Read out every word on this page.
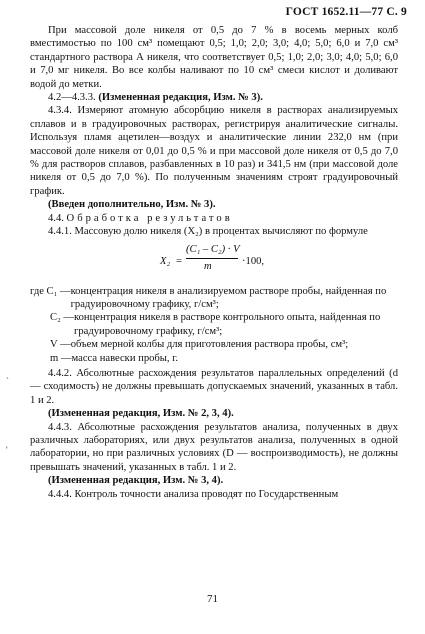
ГОСТ 1652.11—77 С. 9

При массовой доле никеля от 0,5 до 7 % в восемь мерных колб вместимостью по 100 см³ помещают 0,5; 1,0; 2,0; 3,0; 4,0; 5,0; 6,0 и 7,0 см³ стандартного раствора А никеля, что соответствует 0,5; 1,0; 2,0; 3,0; 4,0; 5,0; 6,0 и 7,0 мг никеля. Во все колбы наливают по 10 см³ смеси кислот и доливают водой до метки.

4.2—4.3.3. (Измененная редакция, Изм. № 3).

4.3.4. Измеряют атомную абсорбцию никеля в растворах анализируемых сплавов и в градуировочных растворах, регистрируя аналитические сигналы. Используя пламя ацетилен—воздух и аналитические линии 232,0 нм (при массовой доле никеля от 0,01 до 0,5 % и при массовой доле никеля от 0,5 до 7,0 % для растворов сплавов, разбавленных в 10 раз) и 341,5 нм (при массовой доле никеля от 0,5 до 7,0 %). По полученным значениям строят градуировочный график.

(Введен дополнительно, Изм. № 3).

4.4. Обработка результатов

4.4.1. Массовую долю никеля (X₂) в процентах вычисляют по формуле

X₂ =
(C₁ – C₂) · V
m	·100,
где C₁ — концентрация никеля в анализируемом растворе пробы, найденная по градуировочному графику, г/см³;
C₂ — концентрация никеля в растворе контрольного опыта, найденная по градуировочному графику, г/см³;
V — объем мерной колбы для приготовления раствора пробы, см³;
m — масса навески пробы, г.

4.4.2. Абсолютные расхождения результатов параллельных определений (d — сходимость) не должны превышать допускаемых значений, указанных в табл. 1 и 2.

(Измененная редакция, Изм. № 2, 3, 4).

4.4.3. Абсолютные расхождения результатов анализа, полученных в двух различных лабораториях, или двух результатов анализа, полученных в одной лаборатории, но при различных условиях (D — воспроизводимость), не должны превышать значений, указанных в табл. 1 и 2.

(Измененная редакция, Изм. № 3, 4).

4.4.4. Контроль точности анализа проводят по Государственным

`
'
71
